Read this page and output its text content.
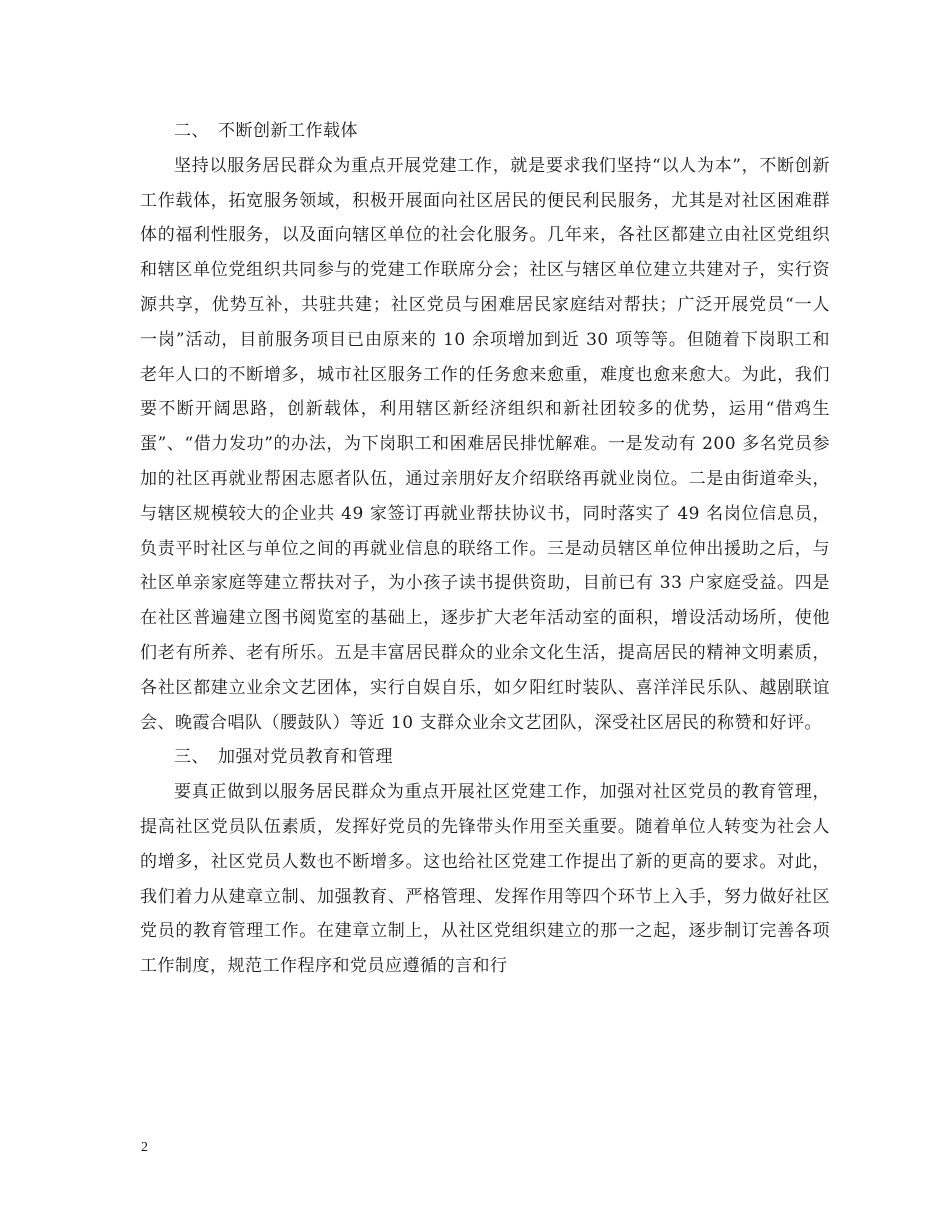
二、　不断创新工作载体

坚持以服务居民群众为重点开展党建工作，就是要求我们坚持“以人为本”，不断创新工作载体，拓宽服务领域，积极开展面向社区居民的便民利民服务，尤其是对社区困难群体的福利性服务，以及面向辖区单位的社会化服务。几年来，各社区都建立由社区党组织和辖区单位党组织共同参与的党建工作联席分会；社区与辖区单位建立共建对子，实行资源共享，优势互补，共驻共建；社区党员与困难居民家庭结对帮扶；广泛开展党员“一人一岗”活动，目前服务项目已由原来的 10 余项增加到近 30 项等等。但随着下岗职工和老年人口的不断增多，城市社区服务工作的任务愈来愈重，难度也愈来愈大。为此，我们要不断开阔思路，创新载体，利用辖区新经济组织和新社团较多的优势，运用“借鸡生蛋”、“借力发功”的办法，为下岗职工和困难居民排忧解难。一是发动有 200 多名党员参加的社区再就业帮困志愿者队伍，通过亲朋好友介绍联络再就业岗位。二是由街道牵头，与辖区规模较大的企业共 49 家签订再就业帮扶协议书，同时落实了 49 名岗位信息员，负责平时社区与单位之间的再就业信息的联络工作。三是动员辖区单位伸出援助之后，与社区单亲家庭等建立帮扶对子，为小孩子读书提供资助，目前已有 33 户家庭受益。四是在社区普遍建立图书阅览室的基础上，逐步扩大老年活动室的面积，增设活动场所，使他们老有所养、老有所乐。五是丰富居民群众的业余文化生活，提高居民的精神文明素质，各社区都建立业余文艺团体，实行自娱自乐，如夕阳红时装队、喜洋洋民乐队、越剧联谊会、晚霞合唱队（腰鼓队）等近 10 支群众业余文艺团队，深受社区居民的称赞和好评。

三、　加强对党员教育和管理

要真正做到以服务居民群众为重点开展社区党建工作，加强对社区党员的教育管理，提高社区党员队伍素质，发挥好党员的先锋带头作用至关重要。随着单位人转变为社会人的增多，社区党员人数也不断增多。这也给社区党建工作提出了新的更高的要求。对此，我们着力从建章立制、加强教育、严格管理、发挥作用等四个环节上入手，努力做好社区党员的教育管理工作。在建章立制上，从社区党组织建立的那一之起，逐步制订完善各项工作制度，规范工作程序和党员应遵循的言和行

2
